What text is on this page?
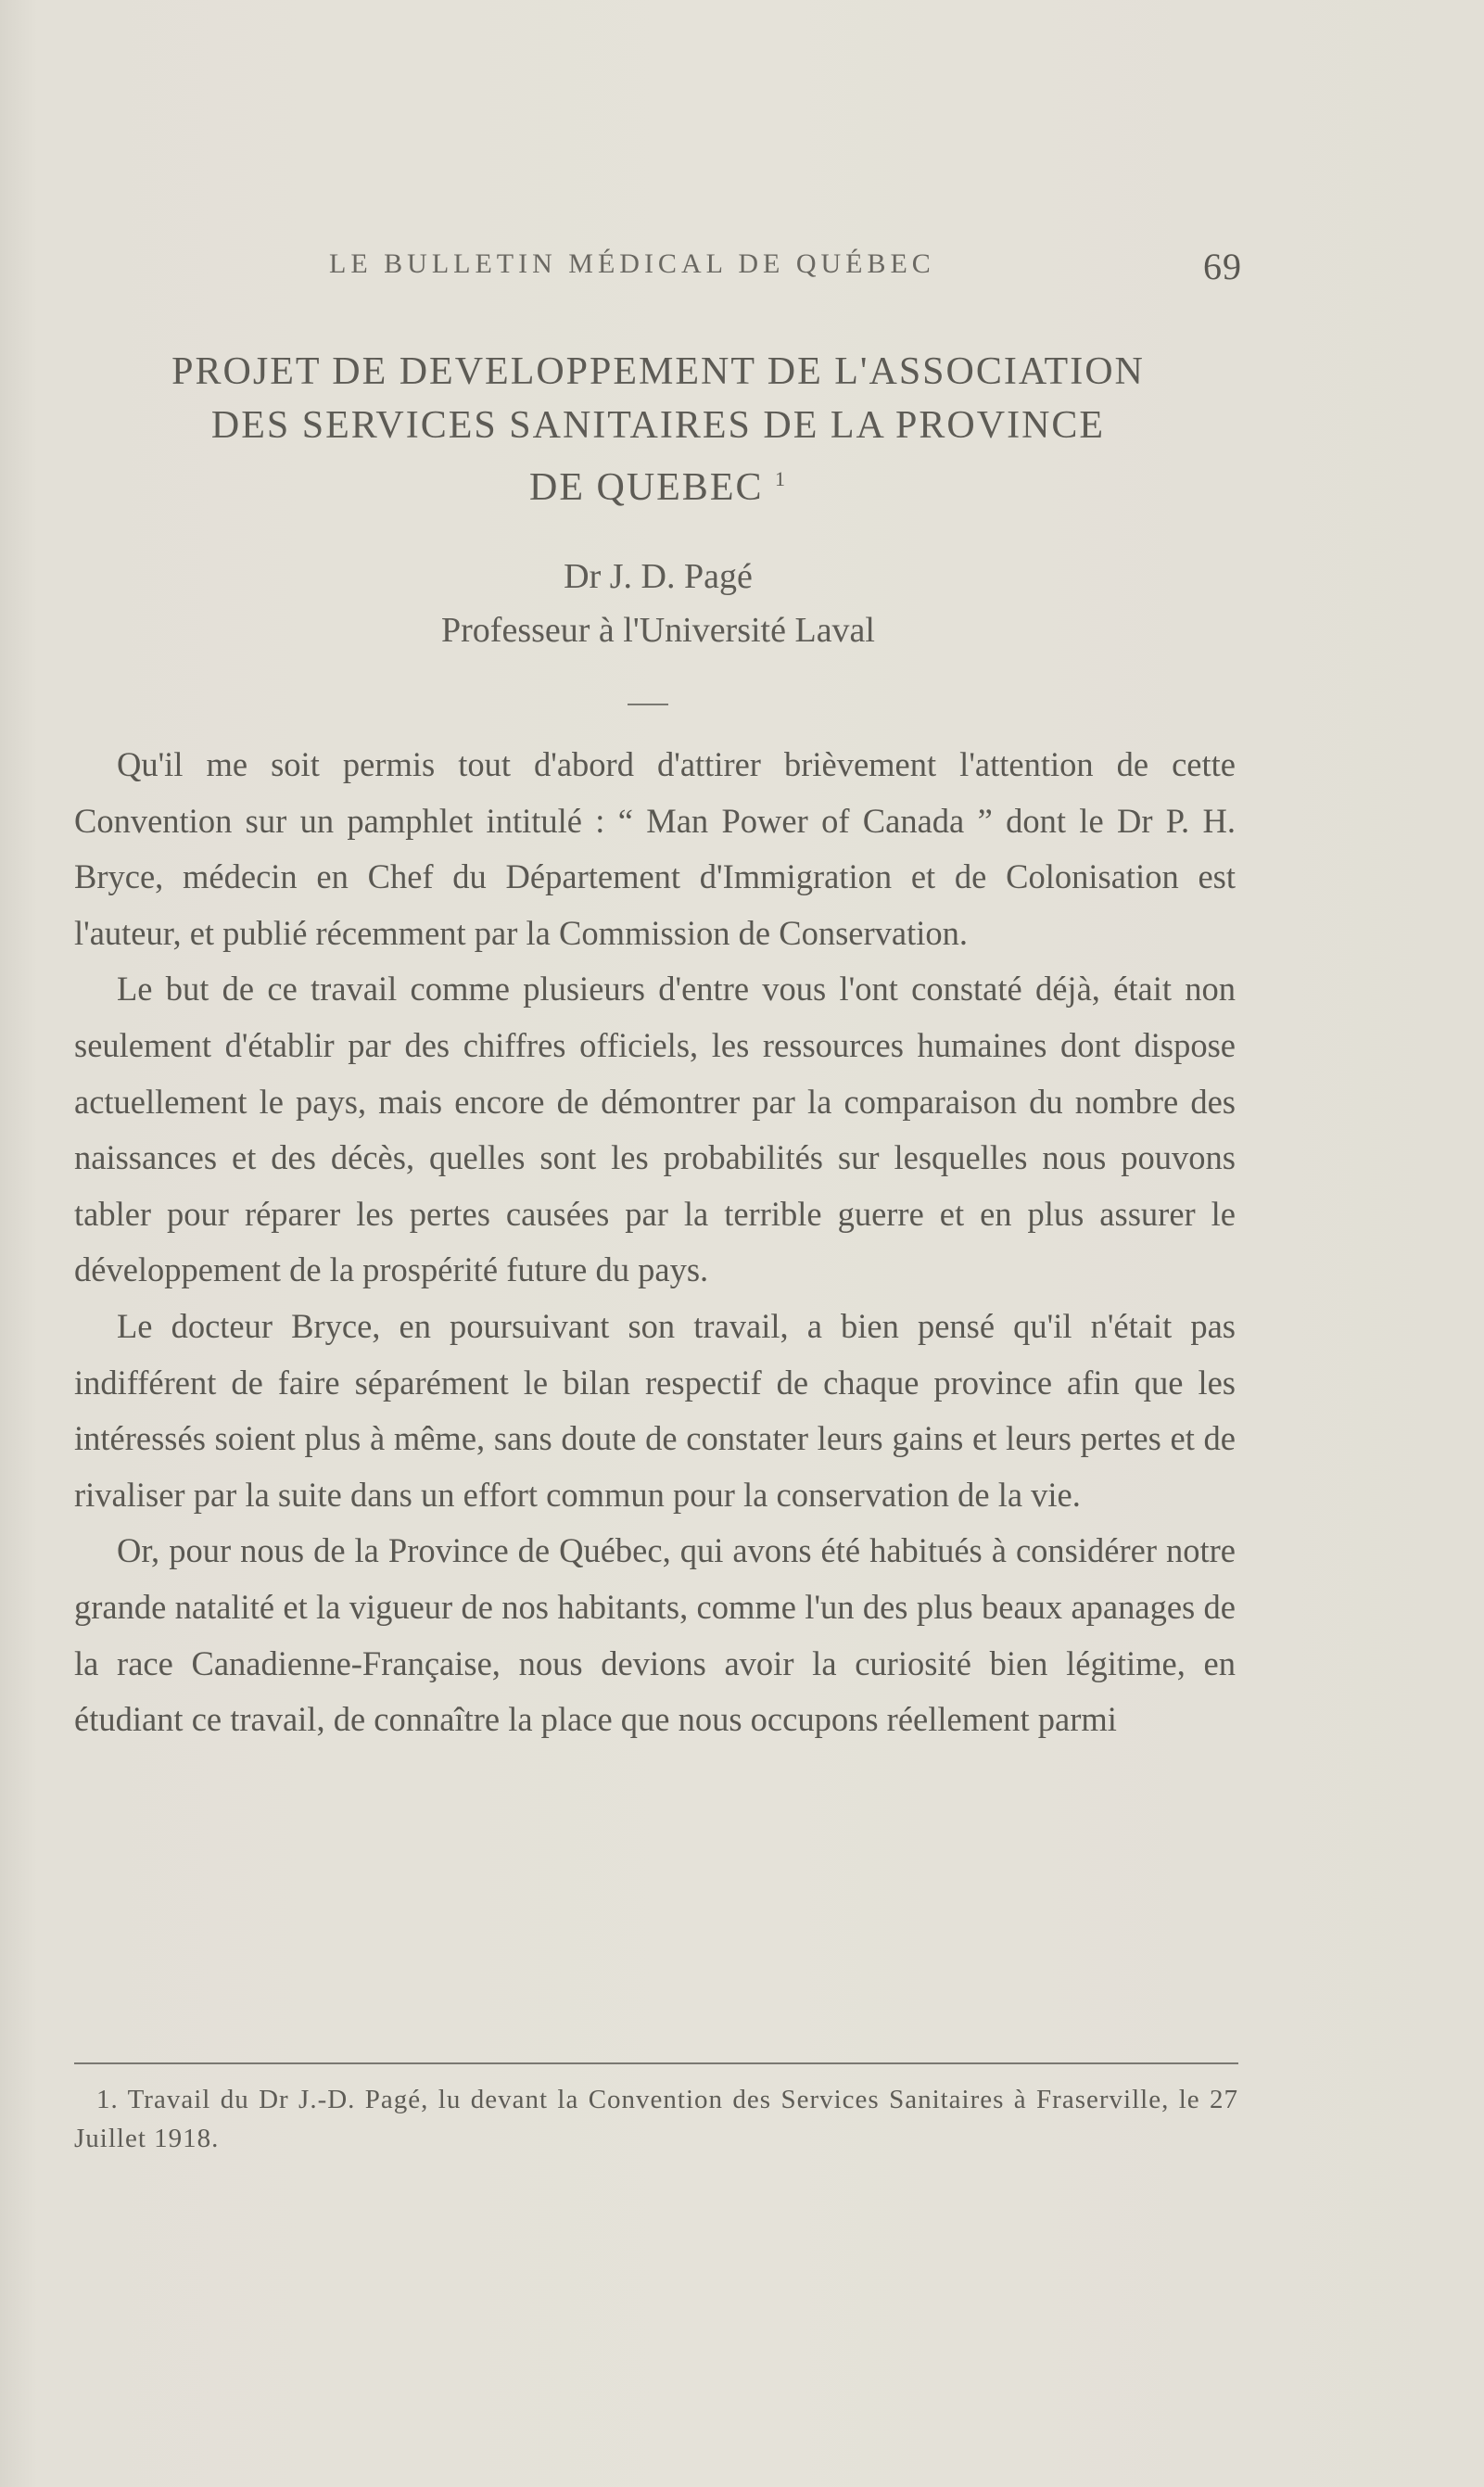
LE BULLETIN MÉDICAL DE QUÉBEC	69
PROJET DE DEVELOPPEMENT DE L'ASSOCIATION
DES SERVICES SANITAIRES DE LA PROVINCE
DE QUEBEC $^1$
Dr J. D. Pagé
Professeur à l'Université Laval

Qu'il me soit permis tout d'abord d'attirer brièvement l'attention de cette Convention sur un pamphlet intitulé : “ Man Power of Canada ” dont le Dr P. H. Bryce, médecin en Chef du Département d'Immigration et de Colonisation est l'auteur, et publié récemment par la Commission de Conservation.

Le but de ce travail comme plusieurs d'entre vous l'ont constaté déjà, était non seulement d'établir par des chiffres officiels, les ressources humaines dont dispose actuellement le pays, mais encore de démontrer par la comparaison du nombre des naissances et des décès, quelles sont les probabilités sur lesquelles nous pouvons tabler pour réparer les pertes causées par la terrible guerre et en plus assurer le développement de la prospérité future du pays.

Le docteur Bryce, en poursuivant son travail, a bien pensé qu'il n'était pas indifférent de faire séparément le bilan respectif de chaque province afin que les intéressés soient plus à même, sans doute de constater leurs gains et leurs pertes et de rivaliser par la suite dans un effort commun pour la conservation de la vie.

Or, pour nous de la Province de Québec, qui avons été habitués à considérer notre grande natalité et la vigueur de nos habitants, comme l'un des plus beaux apanages de la race Canadienne-Française, nous devions avoir la curiosité bien légitime, en étudiant ce travail, de connaître la place que nous occupons réellement parmi

1. Travail du Dr J.-D. Pagé, lu devant la Convention des Services Sanitaires à Fraserville, le 27 Juillet 1918.
